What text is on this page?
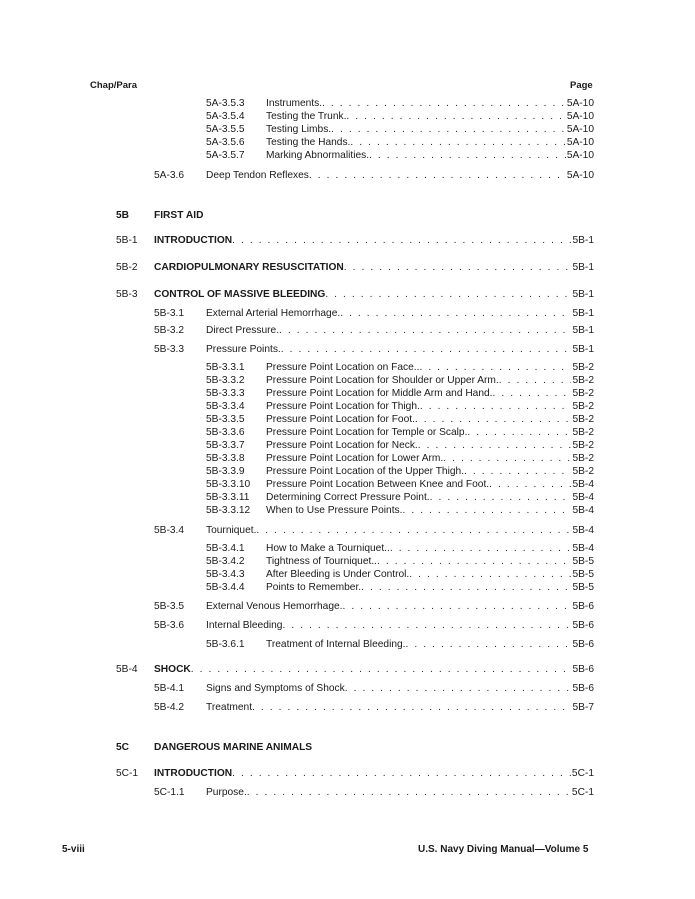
Chap/Para	Page
5B FIRST AID
5C DANGEROUS MARINE ANIMALS
5A-3.5.3 Instruments. . . .	5A-10
5A-3.5.4 Testing the Trunk. . . .	5A-10
5A-3.5.5 Testing Limbs. . . .	5A-10
5A-3.5.6 Testing the Hands. . . .	5A-10
5A-3.5.7 Marking Abnormalities. . . .	5A-10
5A-3.6 Deep Tendon Reflexes . . .	5A-10
5B-1 INTRODUCTION . . .	5B-1
5B-2 CARDIOPULMONARY RESUSCITATION . . .	5B-1
5B-3 CONTROL OF MASSIVE BLEEDING . . .	5B-1
5B-3.1 External Arterial Hemorrhage. . . .	5B-1
5B-3.2 Direct Pressure. . . .	5B-1
5B-3.3 Pressure Points. . . .	5B-1
5B-3.3.1 Pressure Point Location on Face.. . . .	5B-2
5B-3.3.2 Pressure Point Location for Shoulder or Upper Arm. . . .	5B-2
5B-3.3.3 Pressure Point Location for Middle Arm and Hand. . . .	5B-2
5B-3.3.4 Pressure Point Location for Thigh. . . .	5B-2
5B-3.3.5 Pressure Point Location for Foot. . . .	5B-2
5B-3.3.6 Pressure Point Location for Temple or Scalp. . . .	5B-2
5B-3.3.7 Pressure Point Location for Neck. . . .	5B-2
5B-3.3.8 Pressure Point Location for Lower Arm. . . .	5B-2
5B-3.3.9 Pressure Point Location of the Upper Thigh. . . .	5B-2
5B-3.3.10 Pressure Point Location Between Knee and Foot. . . .	5B-4
5B-3.3.11 Determining Correct Pressure Point. . . .	5B-4
5B-3.3.12 When to Use Pressure Points. . . .	5B-4
5B-3.4 Tourniquet. . . .	5B-4
5B-3.4.1 How to Make a Tourniquet.. . . .	5B-4
5B-3.4.2 Tightness of Tourniquet.. . . .	5B-5
5B-3.4.3 After Bleeding is Under Control. . . .	5B-5
5B-3.4.4 Points to Remember. . . .	5B-5
5B-3.5 External Venous Hemorrhage. . . .	5B-6
5B-3.6 Internal Bleeding . . .	5B-6
5B-3.6.1 Treatment of Internal Bleeding. . . .	5B-6
5B-4 SHOCK . . .	5B-6
5B-4.1 Signs and Symptoms of Shock . . .	5B-6
5B-4.2 Treatment . . .	5B-7
5C-1 INTRODUCTION . . .	5C-1
5C-1.1 Purpose. . . .	5C-1
5-viii	U.S. Navy Diving Manual—Volume 5
